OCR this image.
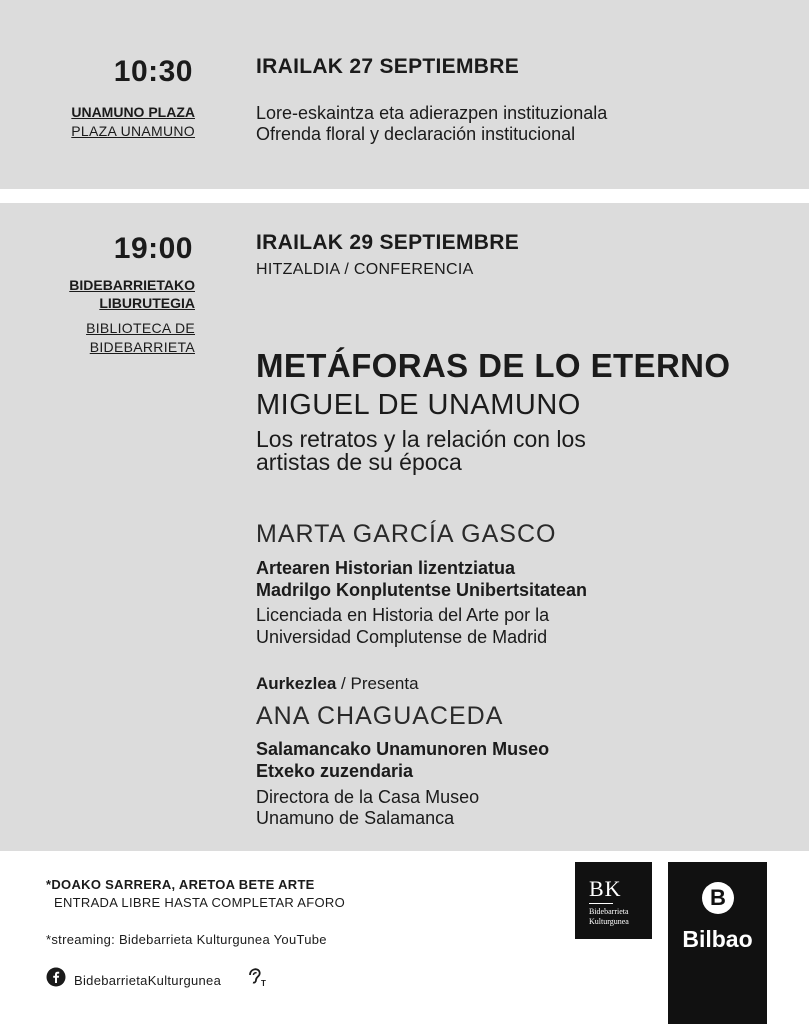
10:30
UNAMUNO PLAZA
PLAZA UNAMUNO
IRAILAK 27 SEPTIEMBRE
Lore-eskaintza eta adierazpen instituzionala
Ofrenda floral y declaración institucional
19:00
BIDEBARRIETAKO
LIBURUTEGIA
BIBLIOTECA DE
BIDEBARRIETA
IRAILAK 29 SEPTIEMBRE
HITZALDIA / CONFERENCIA
METÁFORAS DE LO ETERNO
MIGUEL DE UNAMUNO
Los retratos y la relación con los
artistas de su época
MARTA GARCÍA GASCO
Artearen Historian lizentziatua
Madrilgo Konplutentse Unibertsitatean
Licenciada en Historia del Arte por la
Universidad Complutense de Madrid
Aurkezlea / Presenta
ANA CHAGUACEDA
Salamancako Unamunoren Museo
Etxeko zuzendaria
Directora de la Casa Museo
Unamuno de Salamanca
*DOAKO SARRERA, ARETOA BETE ARTE
ENTRADA LIBRE HASTA COMPLETAR AFORO
*streaming: Bidebarrieta Kulturgunea YouTube
BidebarrietaKulturgunea	T
BK
Bidebarrieta
Kulturgunea
B
Bilbao
